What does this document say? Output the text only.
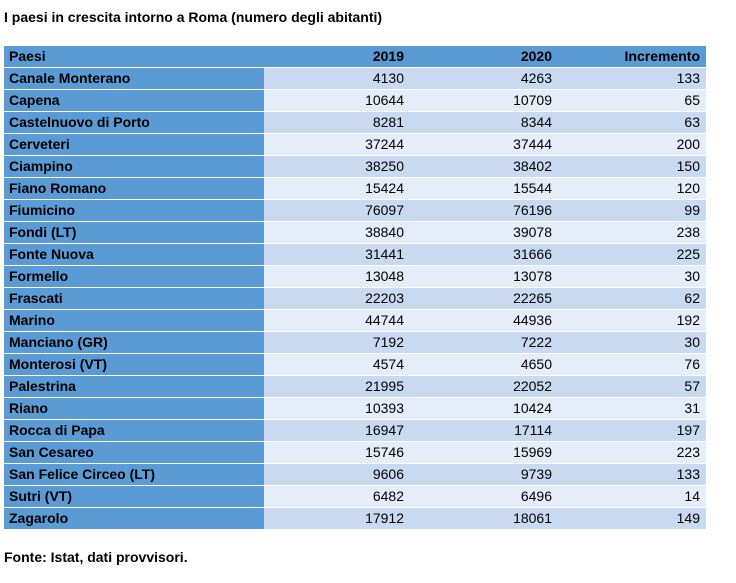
I paesi in crescita intorno a Roma (numero degli abitanti)
Paesi	2019	2020	Incremento
Canale Monterano	4130	4263	133
Capena	10644	10709	65
Castelnuovo di Porto	8281	8344	63
Cerveteri	37244	37444	200
Ciampino	38250	38402	150
Fiano Romano	15424	15544	120
Fiumicino	76097	76196	99
Fondi (LT)	38840	39078	238
Fonte Nuova	31441	31666	225
Formello	13048	13078	30
Frascati	22203	22265	62
Marino	44744	44936	192
Manciano (GR)	7192	7222	30
Monterosi (VT)	4574	4650	76
Palestrina	21995	22052	57
Riano	10393	10424	31
Rocca di Papa	16947	17114	197
San Cesareo	15746	15969	223
San Felice Circeo (LT)	9606	9739	133
Sutri (VT)	6482	6496	14
Zagarolo	17912	18061	149
Fonte: Istat, dati provvisori.
